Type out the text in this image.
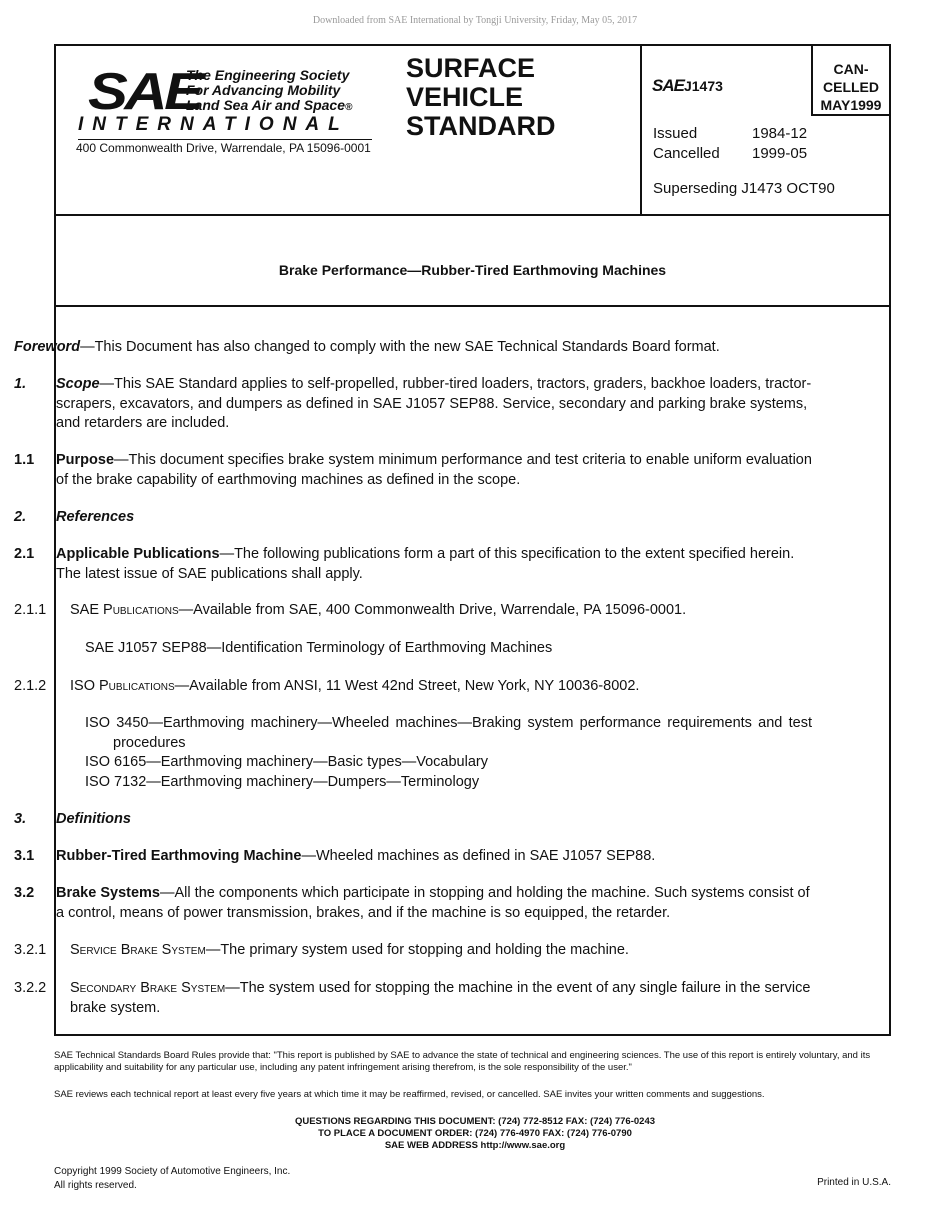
Downloaded from SAE International by Tongji University, Friday, May 05, 2017
SAE
The Engineering Society
For Advancing Mobility
Land Sea Air and Space®
INTERNATIONAL
400 Commonwealth Drive, Warrendale, PA 15096-0001
SURFACE
VEHICLE
STANDARD
SAEJ1473
CAN-
CELLED
MAY1999
Issued	1984-12
Cancelled 1999-05
Superseding J1473 OCT90
Brake Performance—Rubber-Tired Earthmoving Machines
Foreword—This Document has also changed to comply with the new SAE Technical Standards Board format.
1. Scope—This SAE Standard applies to self-propelled, rubber-tired loaders, tractors, graders, backhoe loaders, tractor-scrapers, excavators, and dumpers as defined in SAE J1057 SEP88. Service, secondary and parking brake systems, and retarders are included.
1.1 Purpose—This document specifies brake system minimum performance and test criteria to enable uniform evaluation of the brake capability of earthmoving machines as defined in the scope.
2. References
2.1 Applicable Publications—The following publications form a part of this specification to the extent specified herein. The latest issue of SAE publications shall apply.
2.1.1 SAE Publications—Available from SAE, 400 Commonwealth Drive, Warrendale, PA 15096-0001.
SAE J1057 SEP88—Identification Terminology of Earthmoving Machines
2.1.2 ISO Publications—Available from ANSI, 11 West 42nd Street, New York, NY 10036-8002.
ISO 3450—Earthmoving machinery—Wheeled machines—Braking system performance requirements and test procedures
ISO 6165—Earthmoving machinery—Basic types—Vocabulary
ISO 7132—Earthmoving machinery—Dumpers—Terminology
3. Definitions
3.1 Rubber-Tired Earthmoving Machine—Wheeled machines as defined in SAE J1057 SEP88.
3.2 Brake Systems—All the components which participate in stopping and holding the machine. Such systems consist of a control, means of power transmission, brakes, and if the machine is so equipped, the retarder.
3.2.1 Service Brake System—The primary system used for stopping and holding the machine.
3.2.2 Secondary Brake System—The system used for stopping the machine in the event of any single failure in the service brake system.
SAE Technical Standards Board Rules provide that: "This report is published by SAE to advance the state of technical and engineering sciences. The use of this report is entirely voluntary, and its applicability and suitability for any particular use, including any patent infringement arising therefrom, is the sole responsibility of the user."
SAE reviews each technical report at least every five years at which time it may be reaffirmed, revised, or cancelled. SAE invites your written comments and suggestions.
QUESTIONS REGARDING THIS DOCUMENT: (724) 772-8512 FAX: (724) 776-0243
TO PLACE A DOCUMENT ORDER: (724) 776-4970 FAX: (724) 776-0790
SAE WEB ADDRESS http://www.sae.org
Copyright 1999 Society of Automotive Engineers, Inc.
All rights reserved.	Printed in U.S.A.
